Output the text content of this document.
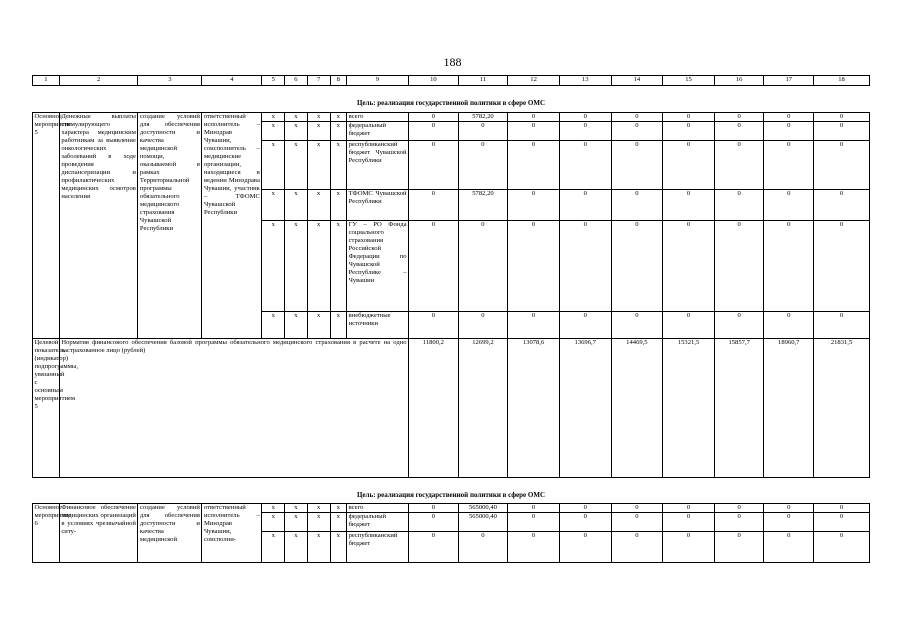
188
1	2	3	4	5	6	7	8	9	10	11	12	13	14	15	16	17	18
Цель: реализация государственной политики в сфере ОМС																	
Основное мероприятие 5	Денежные выплаты стимулирующего характера медицинским работникам за выявление онкологических заболеваний в ходе проведения диспансеризации и профилактических медицинских осмотров населения	создание условий для обеспечения доступности и качества медицинской помощи, оказываемой в рамках Территориальной программы обязательного медицинского страхования Чувашской Республики	ответственный исполнитель – Минздрав Чувашии, соисполнитель – медицинские организации, находящиеся в ведении Минздрава Чувашии, участник – ТФОМС Чувашской Республики	x	x	x	x	всего	0	5782,20	0	0	0	0	0	0	0
				x	x	x	x	федеральный бюджет	0	0	0	0	0	0	0	0	0
				x	x	x	x	республиканский бюджет Чувашской Республики	0	0	0	0	0	0	0	0	0
				x	x	x	x	ТФОМС Чувашской Республики	0	5782,20	0	0	0	0	0	0	0
				x	x	x	x	ГУ – РО Фонда социального страхования Российской Федерации по Чувашской Республике – Чувашии	0	0	0	0	0	0	0	0	0
				x	x	x	x	внебюджетные источники	0	0	0	0	0	0	0	0	0
Целевой показатель (индикатор) подпрограммы, увязанный с основным мероприятием 5	Норматив финансового обеспечения базовой программы обязательного медицинского страхования в расчете на одно застрахованное лицо (рублей)								11800,2	12699,2	13078,6	13696,7	14469,5	15321,5	15857,7	18960,7	21831,5
Цель: реализация государственной политики в сфере ОМС																	
Основное мероприятие 6	Финансовое обеспечение медицинских организаций в условиях чрезвычайной ситу-	создание условий для обеспечения доступности и качества медицинской	ответственный исполнитель – Минздрав Чувашии, соисполни-	x	x	x	x	всего	0	565000,40	0	0	0	0	0	0	0
				x	x	x	x	федеральный бюджет	0	565000,40	0	0	0	0	0	0	0
				x	x	x	x	республиканский бюджет	0	0	0	0	0	0	0	0	0
